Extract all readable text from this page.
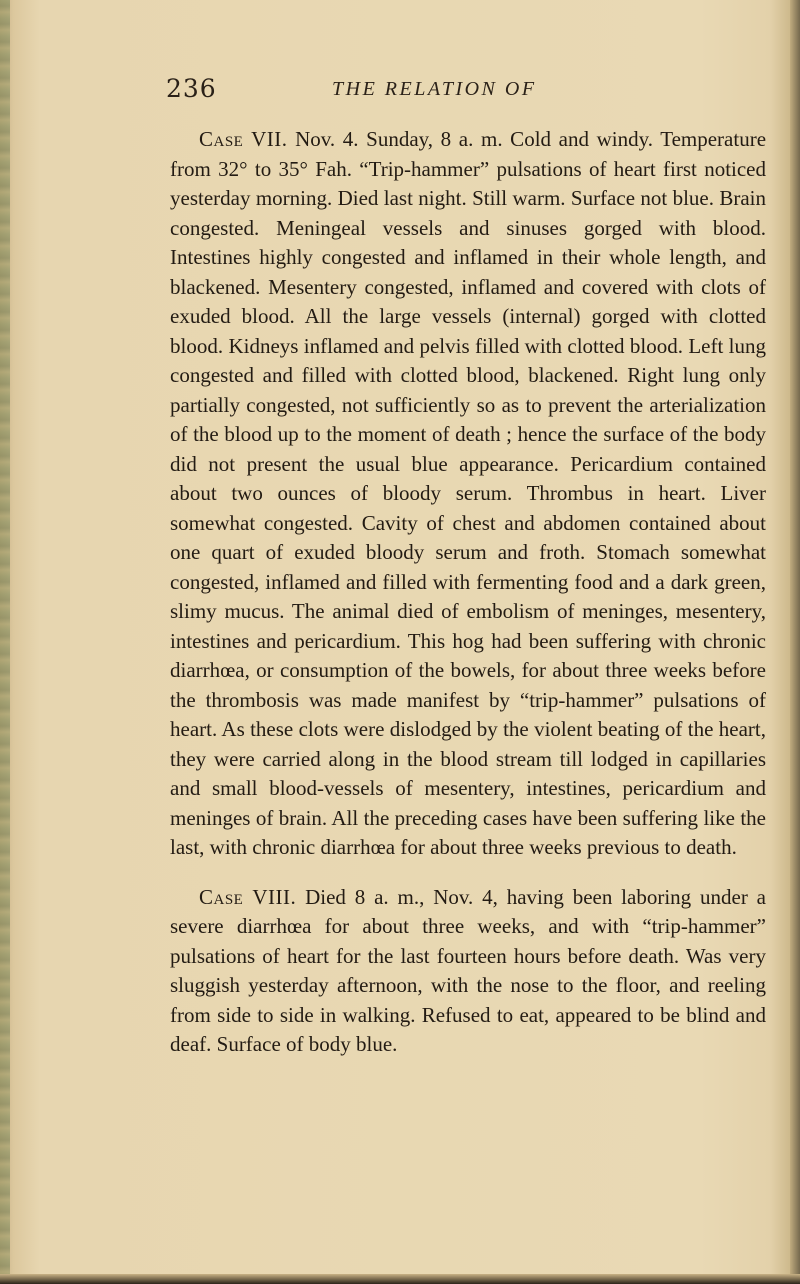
236	THE RELATION OF

Case VII. Nov. 4. Sunday, 8 a. m. Cold and windy. Temperature from 32° to 35° Fah. “Trip-hammer” pulsations of heart first noticed yesterday morning. Died last night. Still warm. Surface not blue. Brain congested. Meningeal vessels and sinuses gorged with blood. Intestines highly congested and inflamed in their whole length, and blackened. Mesentery congested, inflamed and covered with clots of exuded blood. All the large vessels (internal) gorged with clotted blood. Kidneys inflamed and pelvis filled with clotted blood. Left lung congested and filled with clotted blood, blackened. Right lung only partially congested, not sufficiently so as to prevent the arterialization of the blood up to the moment of death ; hence the surface of the body did not present the usual blue appearance. Pericardium contained about two ounces of bloody serum. Thrombus in heart. Liver somewhat congested. Cavity of chest and abdomen contained about one quart of exuded bloody serum and froth. Stomach somewhat congested, inflamed and filled with fermenting food and a dark green, slimy mucus. The animal died of embolism of meninges, mesentery, intestines and pericardium. This hog had been suffering with chronic diarrhœa, or consumption of the bowels, for about three weeks before the thrombosis was made manifest by “trip-hammer” pulsations of heart. As these clots were dislodged by the violent beating of the heart, they were carried along in the blood stream till lodged in capillaries and small blood-vessels of mesentery, intestines, pericardium and meninges of brain. All the preceding cases have been suffering like the last, with chronic diarrhœa for about three weeks previous to death.

Case VIII. Died 8 a. m., Nov. 4, having been laboring under a severe diarrhœa for about three weeks, and with “trip-hammer” pulsations of heart for the last fourteen hours before death. Was very sluggish yesterday afternoon, with the nose to the floor, and reeling from side to side in walking. Refused to eat, appeared to be blind and deaf. Surface of body blue.
